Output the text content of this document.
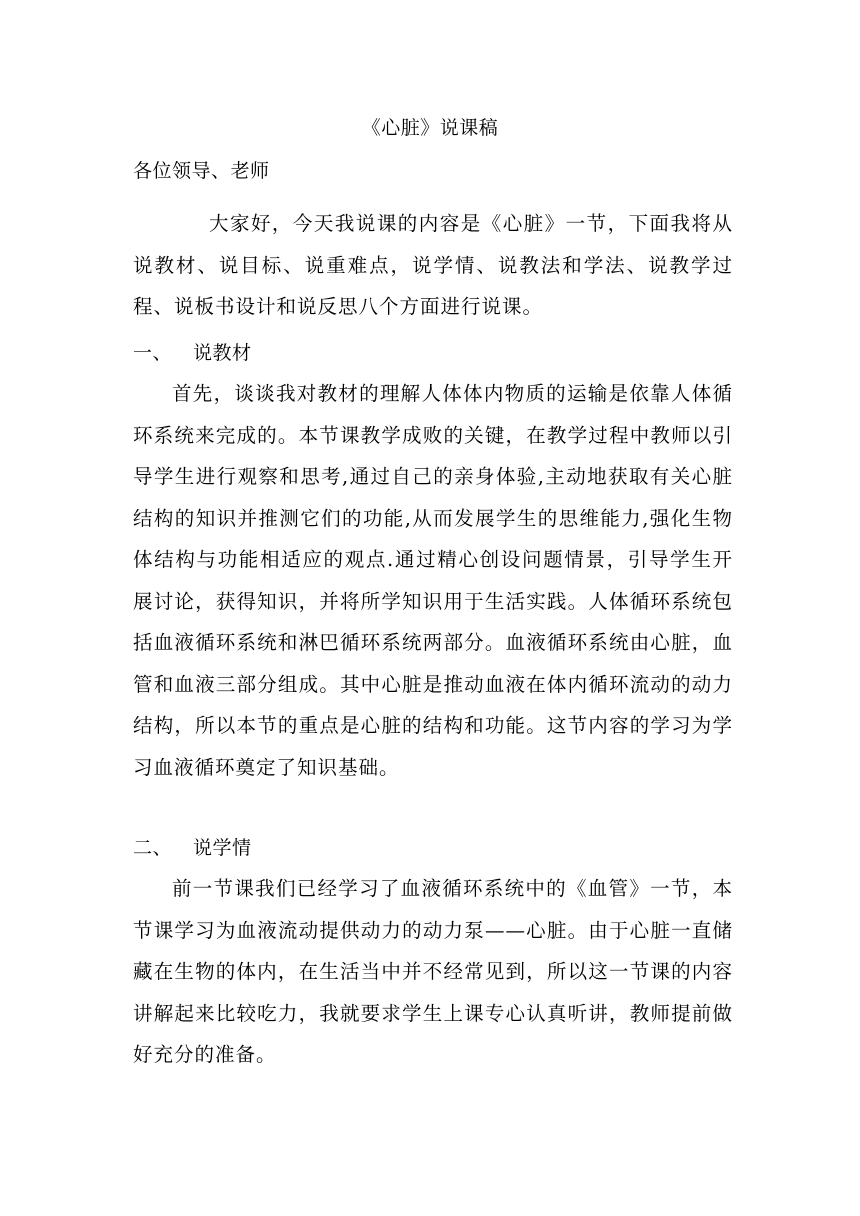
《心脏》说课稿
各位领导、老师

大家好，今天我说课的内容是《心脏》一节，下面我将从说教材、说目标、说重难点，说学情、说教法和学法、说教学过程、说板书设计和说反思八个方面进行说课。

一、 说教材

首先，谈谈我对教材的理解人体体内物质的运输是依靠人体循环系统来完成的。本节课教学成败的关键，在教学过程中教师以引导学生进行观察和思考,通过自己的亲身体验,主动地获取有关心脏结构的知识并推测它们的功能,从而发展学生的思维能力,强化生物体结构与功能相适应的观点.通过精心创设问题情景，引导学生开展讨论，获得知识，并将所学知识用于生活实践。人体循环系统包括血液循环系统和淋巴循环系统两部分。血液循环系统由心脏，血管和血液三部分组成。其中心脏是推动血液在体内循环流动的动力结构，所以本节的重点是心脏的结构和功能。这节内容的学习为学习血液循环奠定了知识基础。

二、 说学情

前一节课我们已经学习了血液循环系统中的《血管》一节，本节课学习为血液流动提供动力的动力泵——心脏。由于心脏一直储藏在生物的体内，在生活当中并不经常见到，所以这一节课的内容讲解起来比较吃力，我就要求学生上课专心认真听讲，教师提前做好充分的准备。
